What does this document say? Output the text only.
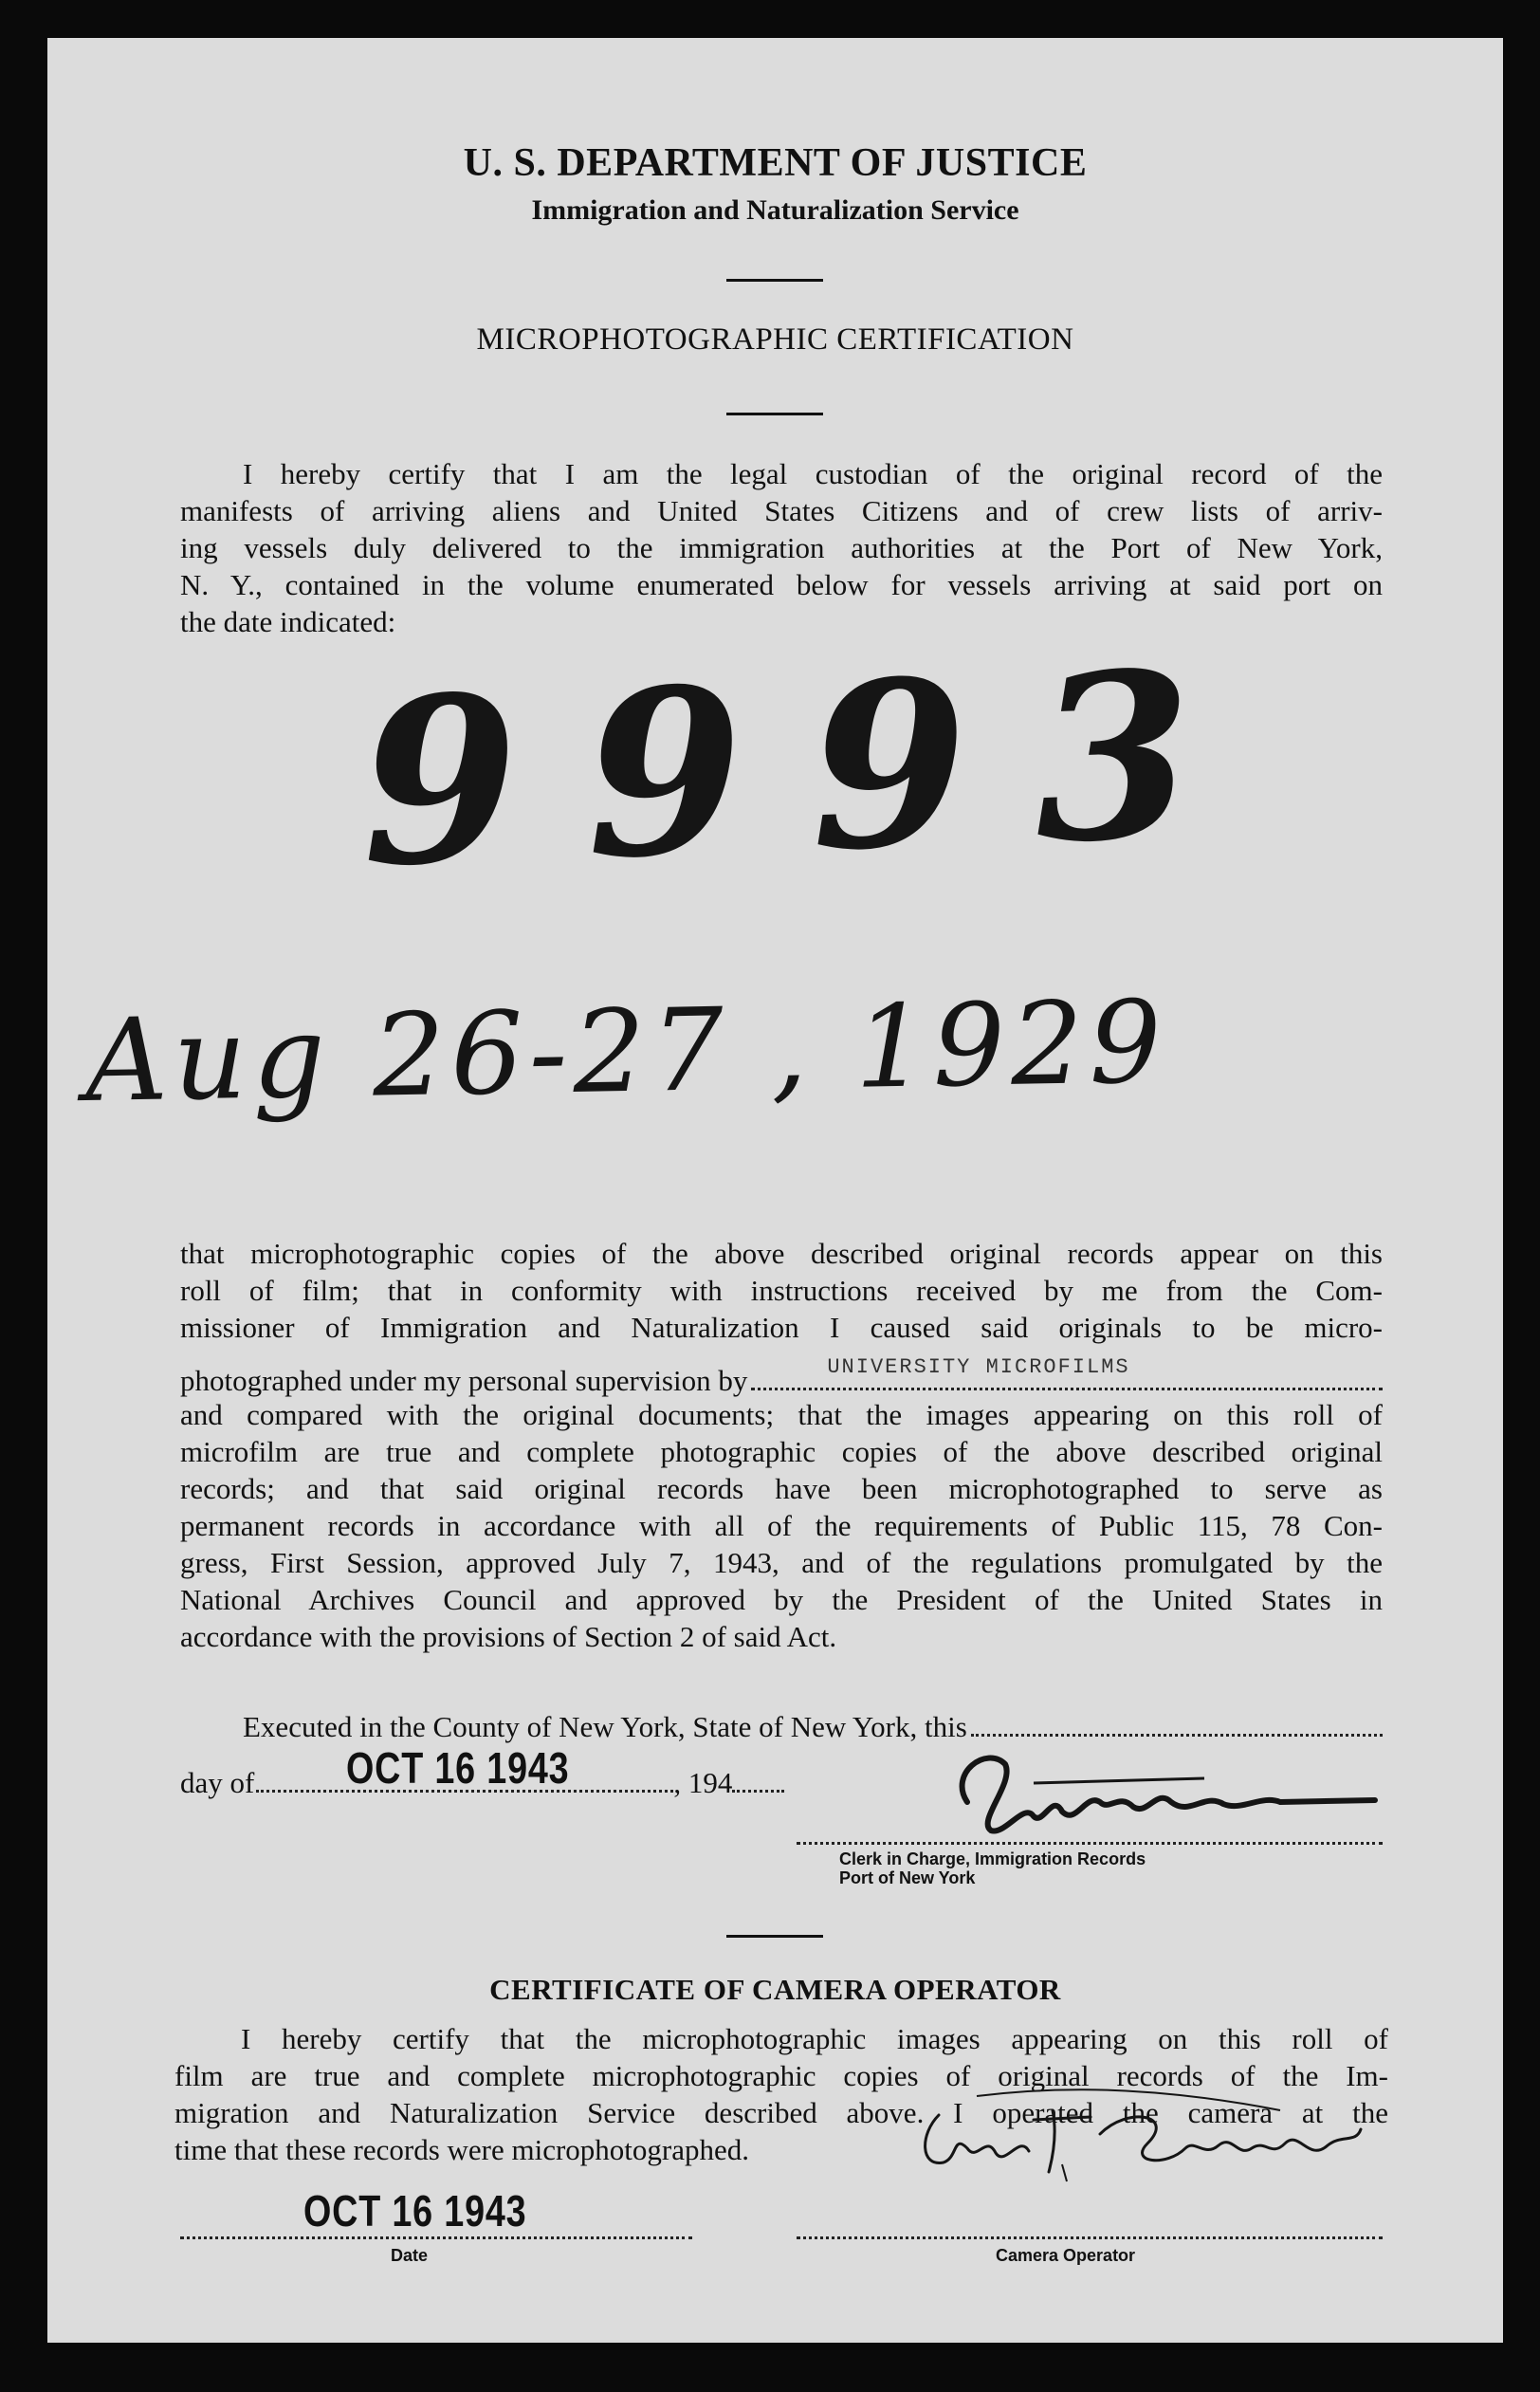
U. S. DEPARTMENT OF JUSTICE
Immigration and Naturalization Service
MICROPHOTOGRAPHIC CERTIFICATION
I hereby certify that I am the legal custodian of the original record of the
manifests of arriving aliens and United States Citizens and of crew lists of arriv-
ing vessels duly delivered to the immigration authorities at the Port of New York,
N. Y., contained in the volume enumerated below for vessels arriving at said port on
the date indicated:
9993
Aug 26-27 , 1929
that microphotographic copies of the above described original records appear on this
roll of film; that in conformity with instructions received by me from the Com-
missioner of Immigration and Naturalization I caused said originals to be micro-
photographed under my personal supervision by	UNIVERSITY MICROFILMS
and compared with the original documents; that the images appearing on this roll of
microfilm are true and complete photographic copies of the above described original
records; and that said original records have been microphotographed to serve as
permanent records in accordance with all of the requirements of Public 115, 78 Con-
gress, First Session, approved July 7, 1943, and of the regulations promulgated by the
National Archives Council and approved by the President of the United States in
accordance with the provisions of Section 2 of said Act.
Executed in the County of New York, State of New York, this
day of OCT 16 1943	, 194
Clerk in Charge, Immigration Records
Port of New York
CERTIFICATE OF CAMERA OPERATOR
I hereby certify that the microphotographic images appearing on this roll of
film are true and complete microphotographic copies of original records of the Im-
migration and Naturalization Service described above. I operated the camera at the
time that these records were microphotographed.
OCT 16 1943
Date	Camera Operator
